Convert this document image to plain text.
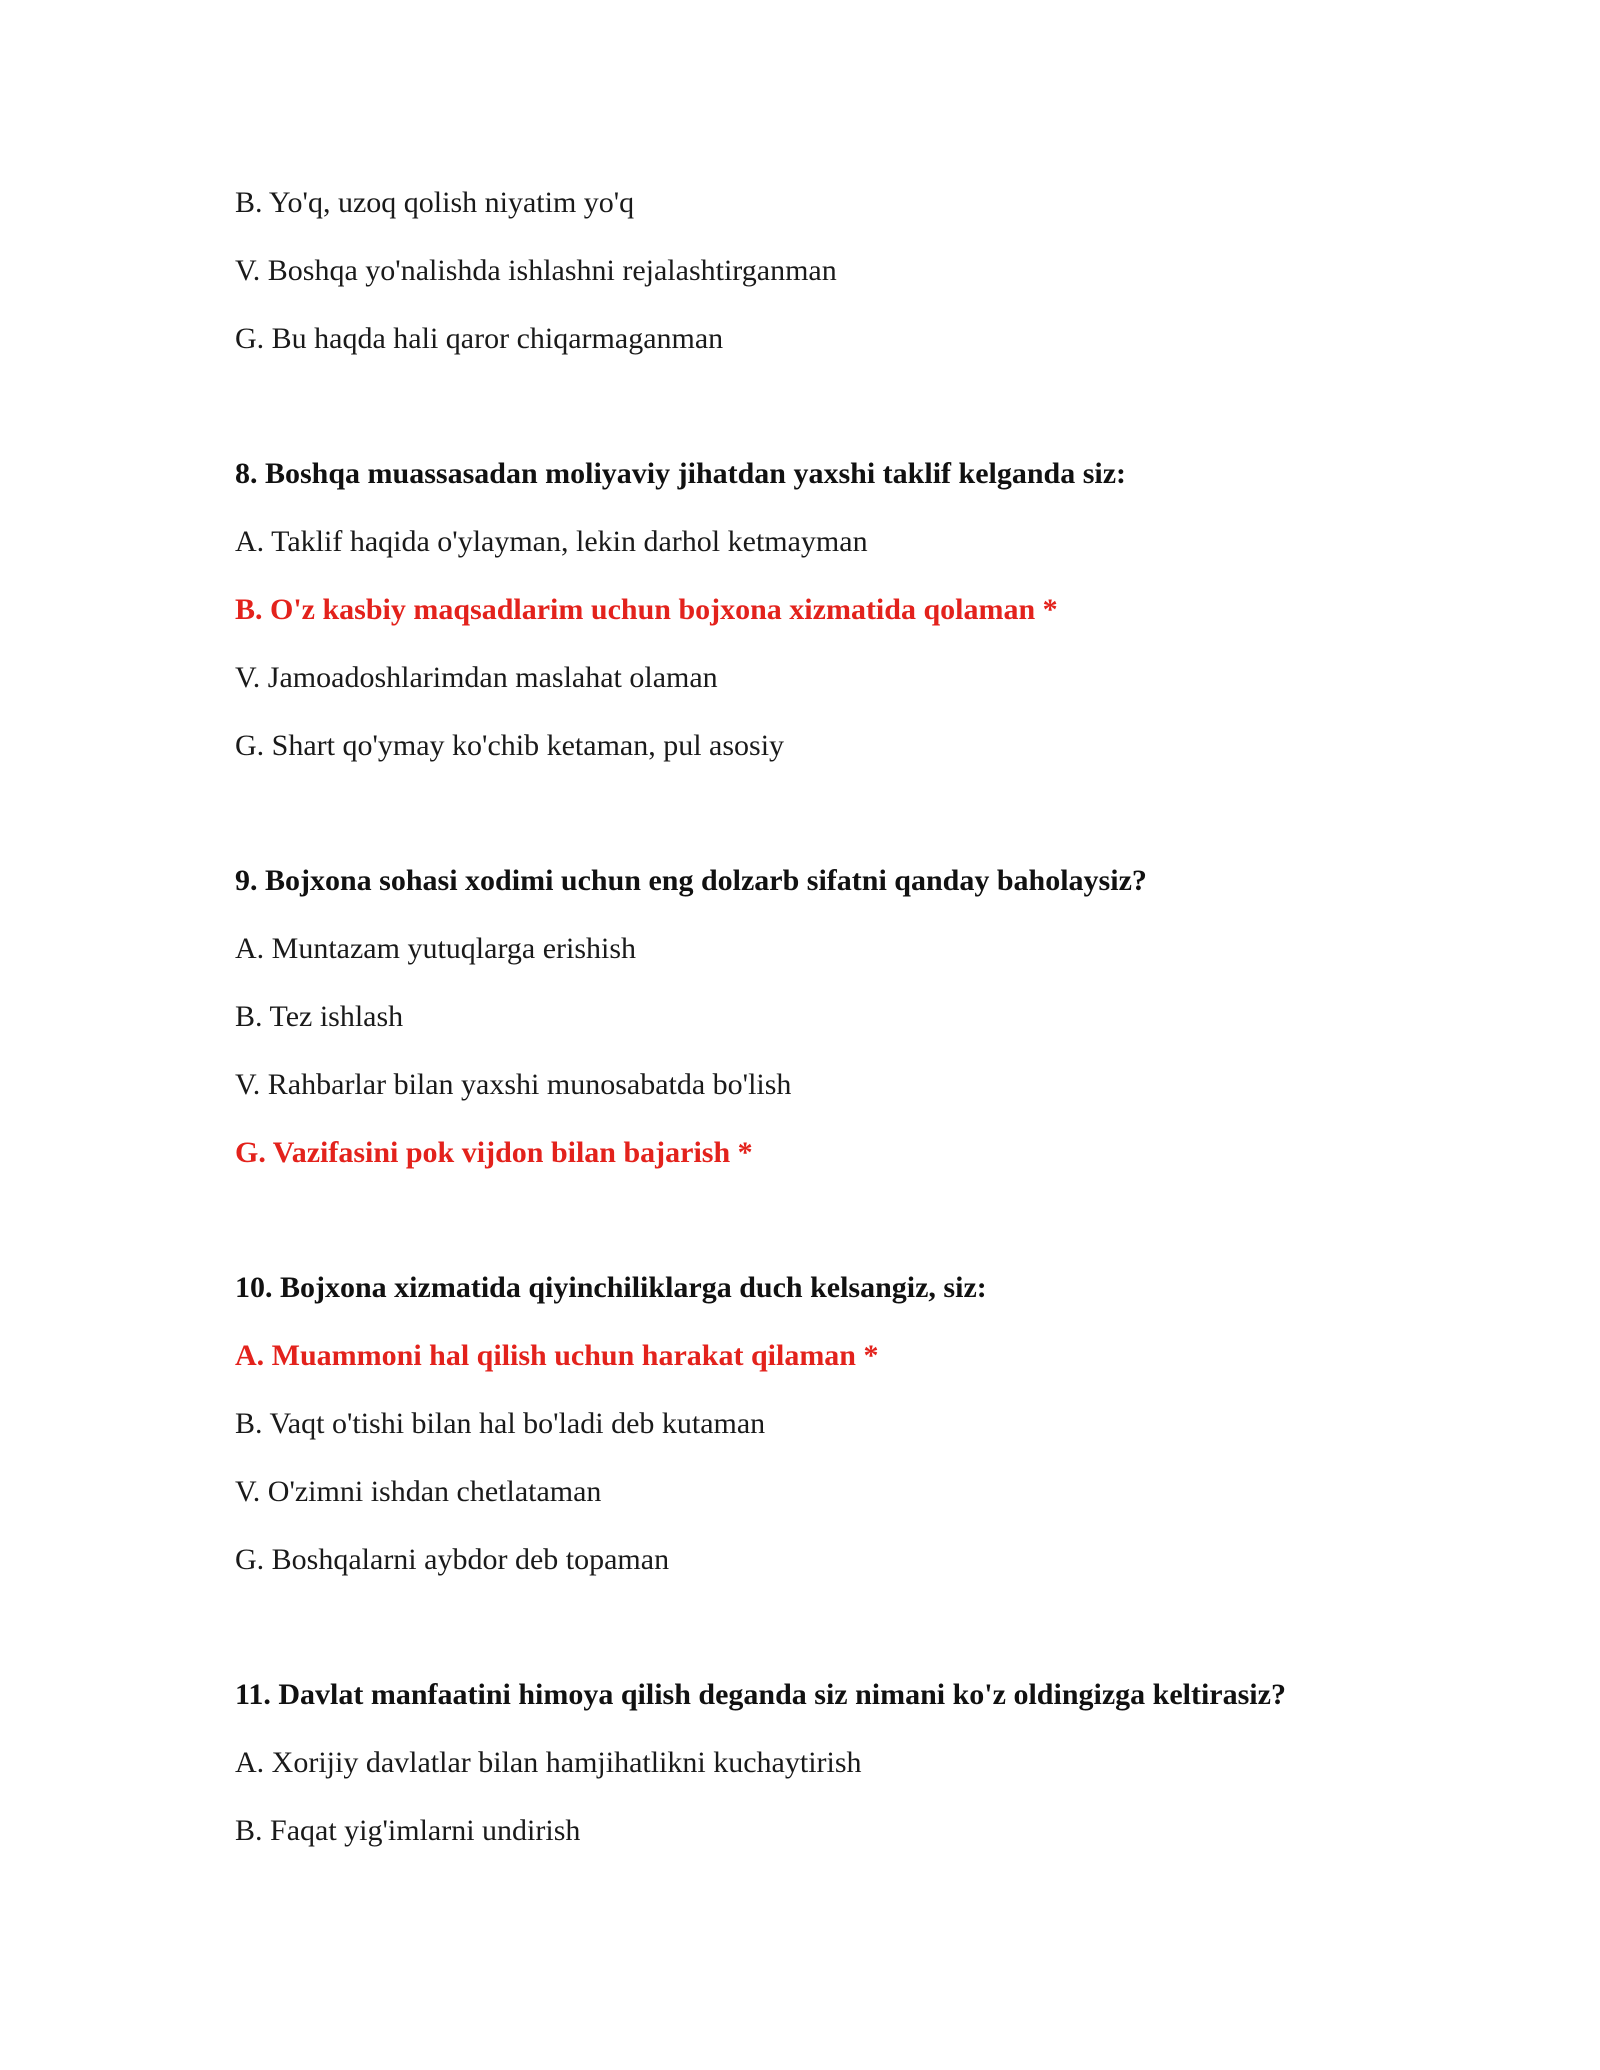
B. Yo'q, uzoq qolish niyatim yo'q
V. Boshqa yo'nalishda ishlashni rejalashtirganman
G. Bu haqda hali qaror chiqarmaganman
8. Boshqa muassasadan moliyaviy jihatdan yaxshi taklif kelganda siz:
A. Taklif haqida o'ylayman, lekin darhol ketmayman
B. O'z kasbiy maqsadlarim uchun bojxona xizmatida qolaman *
V. Jamoadoshlarimdan maslahat olaman
G. Shart qo'ymay ko'chib ketaman, pul asosiy
9. Bojxona sohasi xodimi uchun eng dolzarb sifatni qanday baholaysiz?
A. Muntazam yutuqlarga erishish
B. Tez ishlash
V. Rahbarlar bilan yaxshi munosabatda bo'lish
G. Vazifasini pok vijdon bilan bajarish *
10. Bojxona xizmatida qiyinchiliklarga duch kelsangiz, siz:
A. Muammoni hal qilish uchun harakat qilaman *
B. Vaqt o'tishi bilan hal bo'ladi deb kutaman
V. O'zimni ishdan chetlataman
G. Boshqalarni aybdor deb topaman
11. Davlat manfaatini himoya qilish deganda siz nimani ko'z oldingizga keltirasiz?
A. Xorijiy davlatlar bilan hamjihatlikni kuchaytirish
B. Faqat yig'imlarni undirish
